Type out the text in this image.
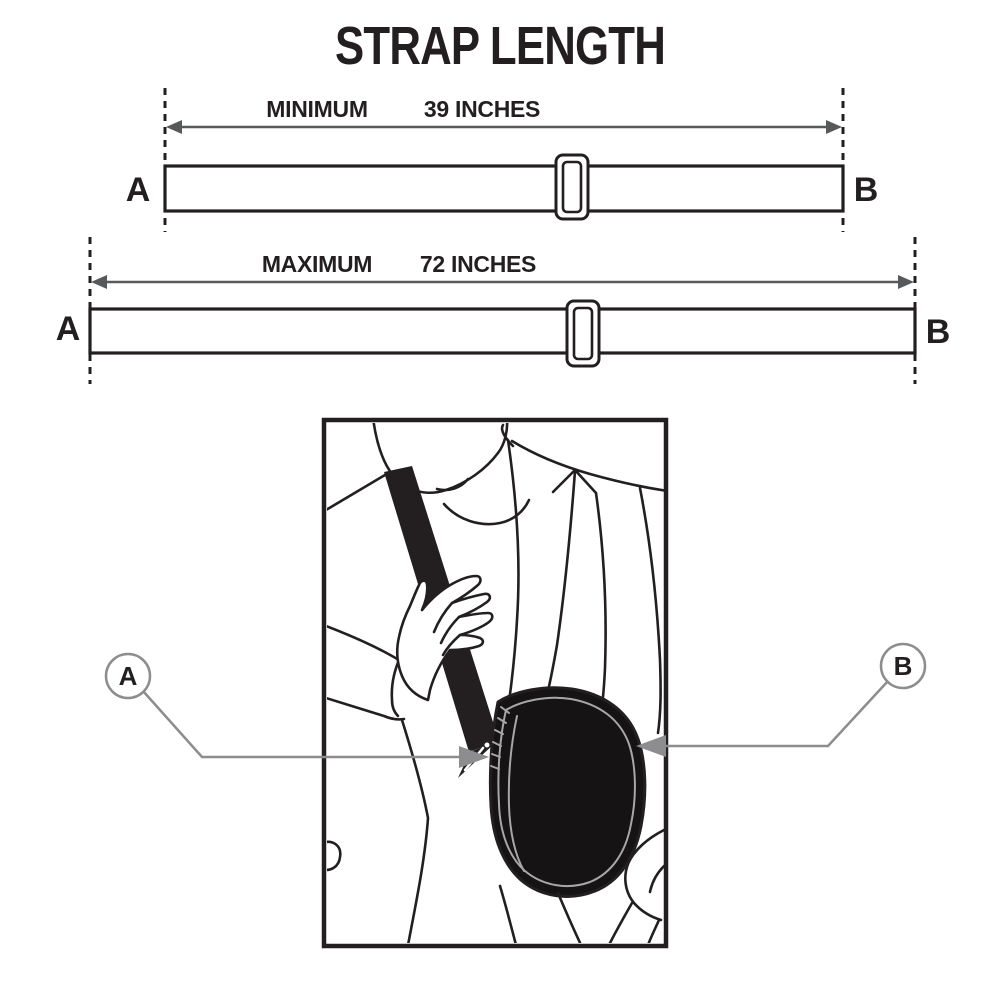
STRAP LENGTH
MINIMUM 39 INCHES
A	B
MAXIMUM 72 INCHES
A	B
A	B
